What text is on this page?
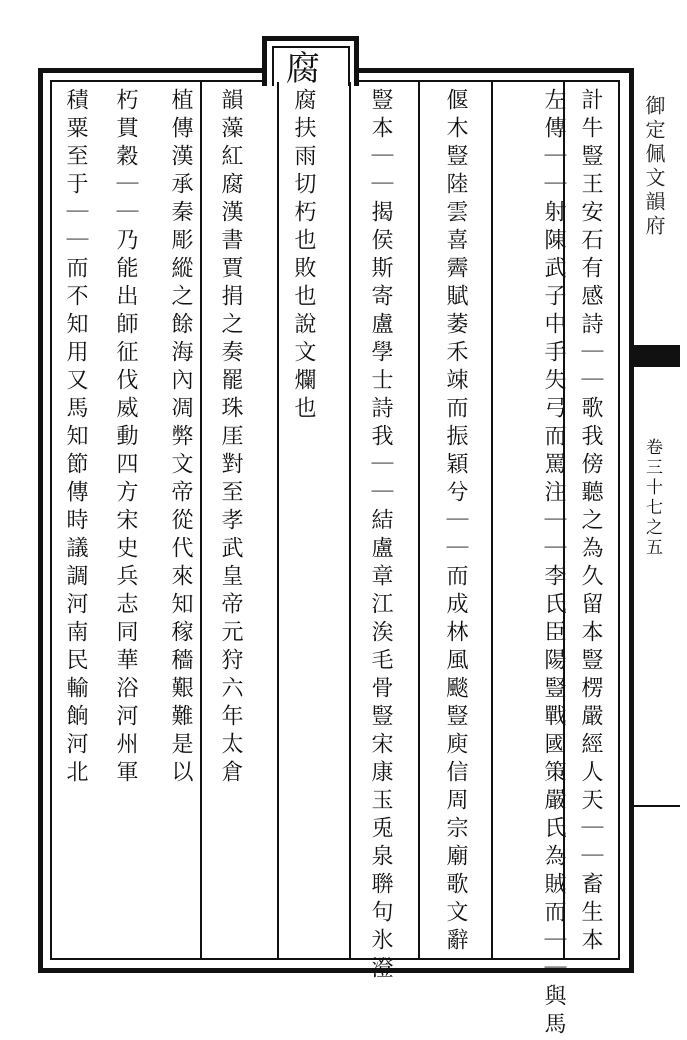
腐
御定佩文韻府
卷三十七之五
計牛豎王安石有感詩｜｜歌我傍聽之為久留本豎楞嚴經人天｜｜畜生本
左傳｜｜射陳武子中手失弓而罵注｜｜李氏臣陽豎戰國策嚴氏為賊而｜｜與馬
偃木豎陸雲喜霽賦萎禾竦而振穎兮｜｜而成林風颷豎庾信周宗廟歌文辭
豎本｜｜揭侯斯寄盧學士詩我｜｜結盧章江涘毛骨豎宋康玉兎泉聨句氷澄
腐扶雨切朽也敗也說文爛也
韻藻紅腐漢書賈捐之奏罷珠厓對至孝武皇帝元狩六年太倉
植傳漢承秦彫縱之餘海內凋弊文帝從代來知稼穡艱難是以
朽貫穀｜｜乃能出師征伐威動四方宋史兵志同華浴河州軍
積粟至于｜｜而不知用又馬知節傳時議調河南民輸餉河北
